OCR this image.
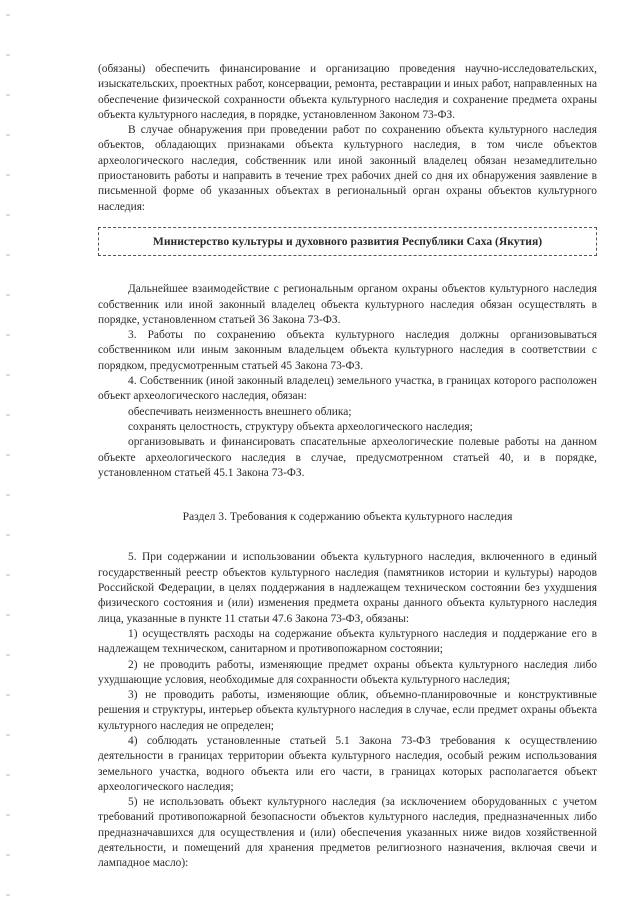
(обязаны) обеспечить финансирование и организацию проведения научно-исследовательских, изыскательских, проектных работ, консервации, ремонта, реставрации и иных работ, направленных на обеспечение физической сохранности объекта культурного наследия и сохранение предмета охраны объекта культурного наследия, в порядке, установленном Законом 73-ФЗ.

В случае обнаружения при проведении работ по сохранению объекта культурного наследия объектов, обладающих признаками объекта культурного наследия, в том числе объектов археологического наследия, собственник или иной законный владелец обязан незамедлительно приостановить работы и направить в течение трех рабочих дней со дня их обнаружения заявление в письменной форме об указанных объектах в региональный орган охраны объектов культурного наследия:

Министерство культуры и духовного развития Республики Саха (Якутия)

Дальнейшее взаимодействие с региональным органом охраны объектов культурного наследия собственник или иной законный владелец объекта культурного наследия обязан осуществлять в порядке, установленном статьей 36 Закона 73-ФЗ.

3. Работы по сохранению объекта культурного наследия должны организовываться собственником или иным законным владельцем объекта культурного наследия в соответствии с порядком, предусмотренным статьей 45 Закона 73-ФЗ.

4. Собственник (иной законный владелец) земельного участка, в границах которого расположен объект археологического наследия, обязан:

обеспечивать неизменность внешнего облика;

сохранять целостность, структуру объекта археологического наследия;

организовывать и финансировать спасательные археологические полевые работы на данном объекте археологического наследия в случае, предусмотренном статьей 40, и в порядке, установленном статьей 45.1 Закона 73-ФЗ.

Раздел 3. Требования к содержанию объекта культурного наследия

5. При содержании и использовании объекта культурного наследия, включенного в единый государственный реестр объектов культурного наследия (памятников истории и культуры) народов Российской Федерации, в целях поддержания в надлежащем техническом состоянии без ухудшения физического состояния и (или) изменения предмета охраны данного объекта культурного наследия лица, указанные в пункте 11 статьи 47.6 Закона 73-ФЗ, обязаны:

1) осуществлять расходы на содержание объекта культурного наследия и поддержание его в надлежащем техническом, санитарном и противопожарном состоянии;

2) не проводить работы, изменяющие предмет охраны объекта культурного наследия либо ухудшающие условия, необходимые для сохранности объекта культурного наследия;

3) не проводить работы, изменяющие облик, объемно-планировочные и конструктивные решения и структуры, интерьер объекта культурного наследия в случае, если предмет охраны объекта культурного наследия не определен;

4) соблюдать установленные статьей 5.1 Закона 73-ФЗ требования к осуществлению деятельности в границах территории объекта культурного наследия, особый режим использования земельного участка, водного объекта или его части, в границах которых располагается объект археологического наследия;

5) не использовать объект культурного наследия (за исключением оборудованных с учетом требований противопожарной безопасности объектов культурного наследия, предназначенных либо предназначавшихся для осуществления и (или) обеспечения указанных ниже видов хозяйственной деятельности, и помещений для хранения предметов религиозного назначения, включая свечи и лампадное масло):
